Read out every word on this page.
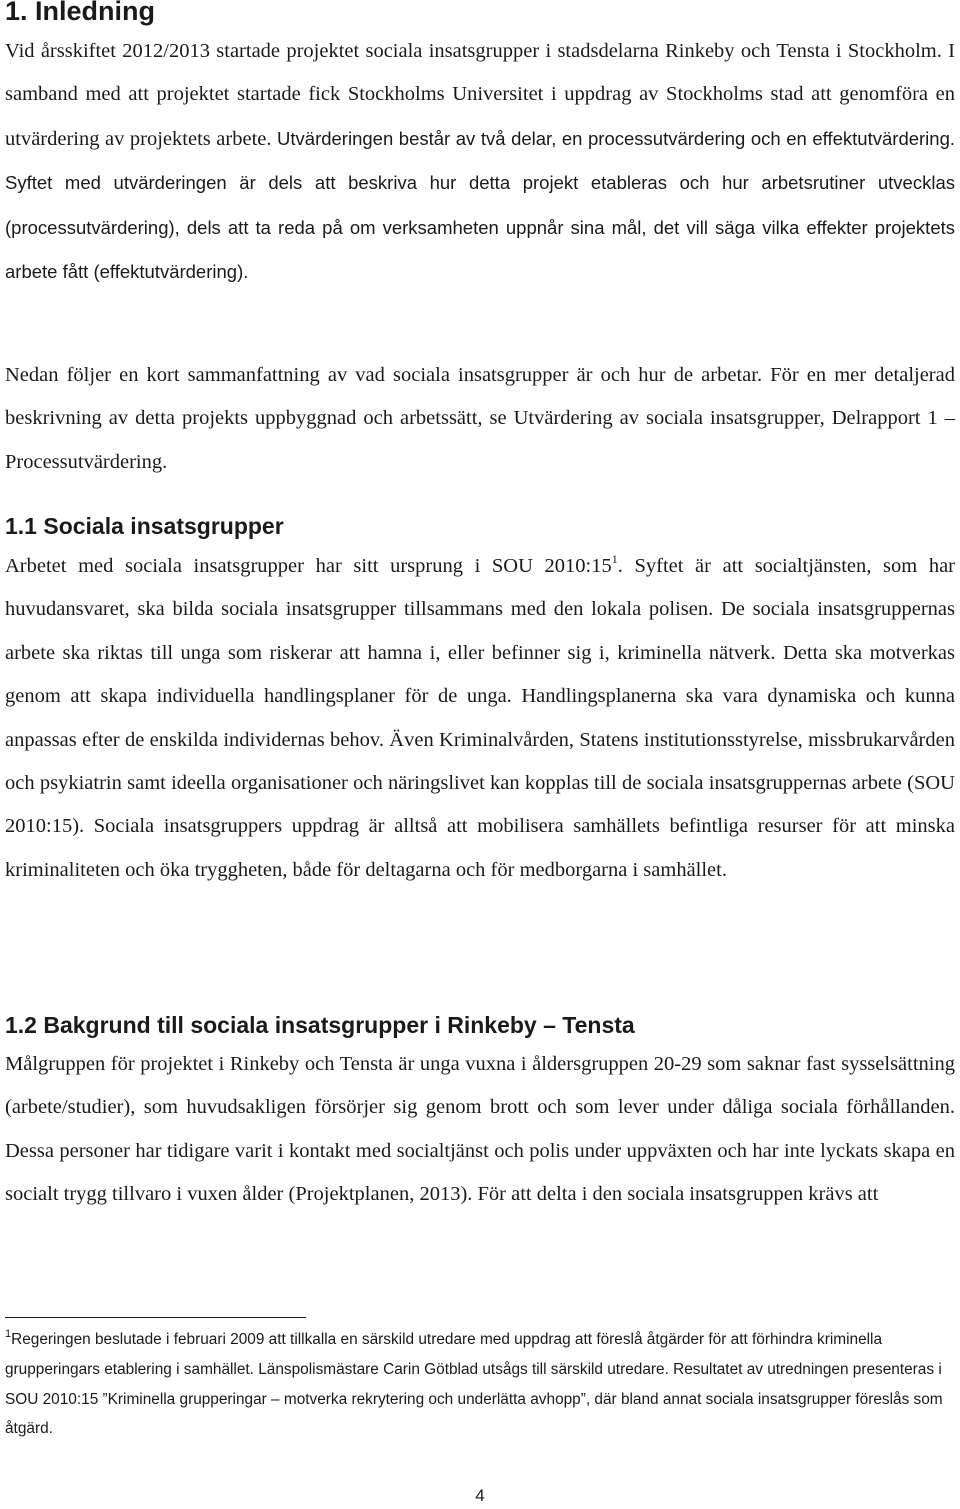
1. Inledning

Vid årsskiftet 2012/2013 startade projektet sociala insatsgrupper i stadsdelarna Rinkeby och Tensta i Stockholm. I samband med att projektet startade fick Stockholms Universitet i uppdrag av Stockholms stad att genomföra en utvärdering av projektets arbete. Utvärderingen består av två delar, en processutvärdering och en effektutvärdering. Syftet med utvärderingen är dels att beskriva hur detta projekt etableras och hur arbetsrutiner utvecklas (processutvärdering), dels att ta reda på om verksamheten uppnår sina mål, det vill säga vilka effekter projektets arbete fått (effektutvärdering).

Nedan följer en kort sammanfattning av vad sociala insatsgrupper är och hur de arbetar. För en mer detaljerad beskrivning av detta projekts uppbyggnad och arbetssätt, se Utvärdering av sociala insatsgrupper, Delrapport 1 – Processutvärdering.

1.1 Sociala insatsgrupper

Arbetet med sociala insatsgrupper har sitt ursprung i SOU $2010:15^1$. Syftet är att socialtjänsten, som har huvudansvaret, ska bilda sociala insatsgrupper tillsammans med den lokala polisen. De sociala insatsgruppernas arbete ska riktas till unga som riskerar att hamna i, eller befinner sig i, kriminella nätverk. Detta ska motverkas genom att skapa individuella handlingsplaner för de unga. Handlingsplanerna ska vara dynamiska och kunna anpassas efter de enskilda individernas behov. Även Kriminalvården, Statens institutionsstyrelse, missbrukarvården och psykiatrin samt ideella organisationer och näringslivet kan kopplas till de sociala insatsgruppernas arbete (SOU 2010:15). Sociala insatsgruppers uppdrag är alltså att mobilisera samhällets befintliga resurser för att minska kriminaliteten och öka tryggheten, både för deltagarna och för medborgarna i samhället.

1.2 Bakgrund till sociala insatsgrupper i Rinkeby – Tensta

Målgruppen för projektet i Rinkeby och Tensta är unga vuxna i åldersgruppen 20-29 som saknar fast sysselsättning (arbete/studier), som huvudsakligen försörjer sig genom brott och som lever under dåliga sociala förhållanden. Dessa personer har tidigare varit i kontakt med socialtjänst och polis under uppväxten och har inte lyckats skapa en socialt trygg tillvaro i vuxen ålder (Projektplanen, 2013). För att delta i den sociala insatsgruppen krävs att

$^1$Regeringen beslutade i februari 2009 att tillkalla en särskild utredare med uppdrag att föreslå åtgärder för att förhindra kriminella grupperingars etablering i samhället. Länspolismästare Carin Götblad utsågs till särskild utredare. Resultatet av utredningen presenteras i SOU 2010:15 ”Kriminella grupperingar – motverka rekrytering och underlätta avhopp”, där bland annat sociala insatsgrupper föreslås som åtgärd.

4
